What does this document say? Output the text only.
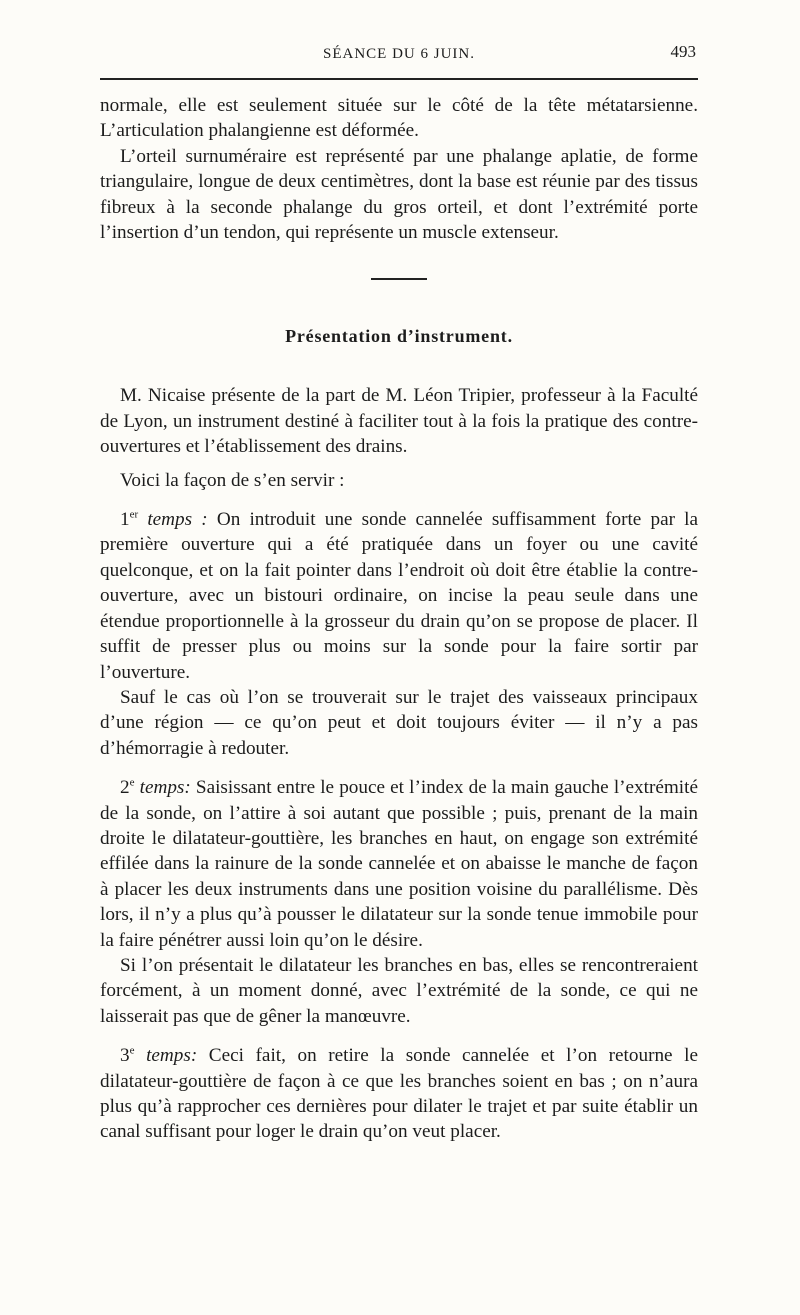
SÉANCE DU 6 JUIN.	493

normale, elle est seulement située sur le côté de la tête métatarsienne. L’articulation phalangienne est déformée.

L’orteil surnuméraire est représenté par une phalange aplatie, de forme triangulaire, longue de deux centimètres, dont la base est réunie par des tissus fibreux à la seconde phalange du gros orteil, et dont l’extrémité porte l’insertion d’un tendon, qui représente un muscle extenseur.

Présentation d’instrument.

M. Nicaise présente de la part de M. Léon Tripier, professeur à la Faculté de Lyon, un instrument destiné à faciliter tout à la fois la pratique des contre-ouvertures et l’établissement des drains.

Voici la façon de s’en servir :

1er temps : On introduit une sonde cannelée suffisamment forte par la première ouverture qui a été pratiquée dans un foyer ou une cavité quelconque, et on la fait pointer dans l’endroit où doit être établie la contre-ouverture, avec un bistouri ordinaire, on incise la peau seule dans une étendue proportionnelle à la grosseur du drain qu’on se propose de placer. Il suffit de presser plus ou moins sur la sonde pour la faire sortir par l’ouverture.

Sauf le cas où l’on se trouverait sur le trajet des vaisseaux principaux d’une région — ce qu’on peut et doit toujours éviter — il n’y a pas d’hémorragie à redouter.

2e temps: Saisissant entre le pouce et l’index de la main gauche l’extrémité de la sonde, on l’attire à soi autant que possible ; puis, prenant de la main droite le dilatateur-gouttière, les branches en haut, on engage son extrémité effilée dans la rainure de la sonde cannelée et on abaisse le manche de façon à placer les deux instruments dans une position voisine du parallélisme. Dès lors, il n’y a plus qu’à pousser le dilatateur sur la sonde tenue immobile pour la faire pénétrer aussi loin qu’on le désire.

Si l’on présentait le dilatateur les branches en bas, elles se rencontreraient forcément, à un moment donné, avec l’extrémité de la sonde, ce qui ne laisserait pas que de gêner la manœuvre.

3e temps: Ceci fait, on retire la sonde cannelée et l’on retourne le dilatateur-gouttière de façon à ce que les branches soient en bas ; on n’aura plus qu’à rapprocher ces dernières pour dilater le trajet et par suite établir un canal suffisant pour loger le drain qu’on veut placer.
